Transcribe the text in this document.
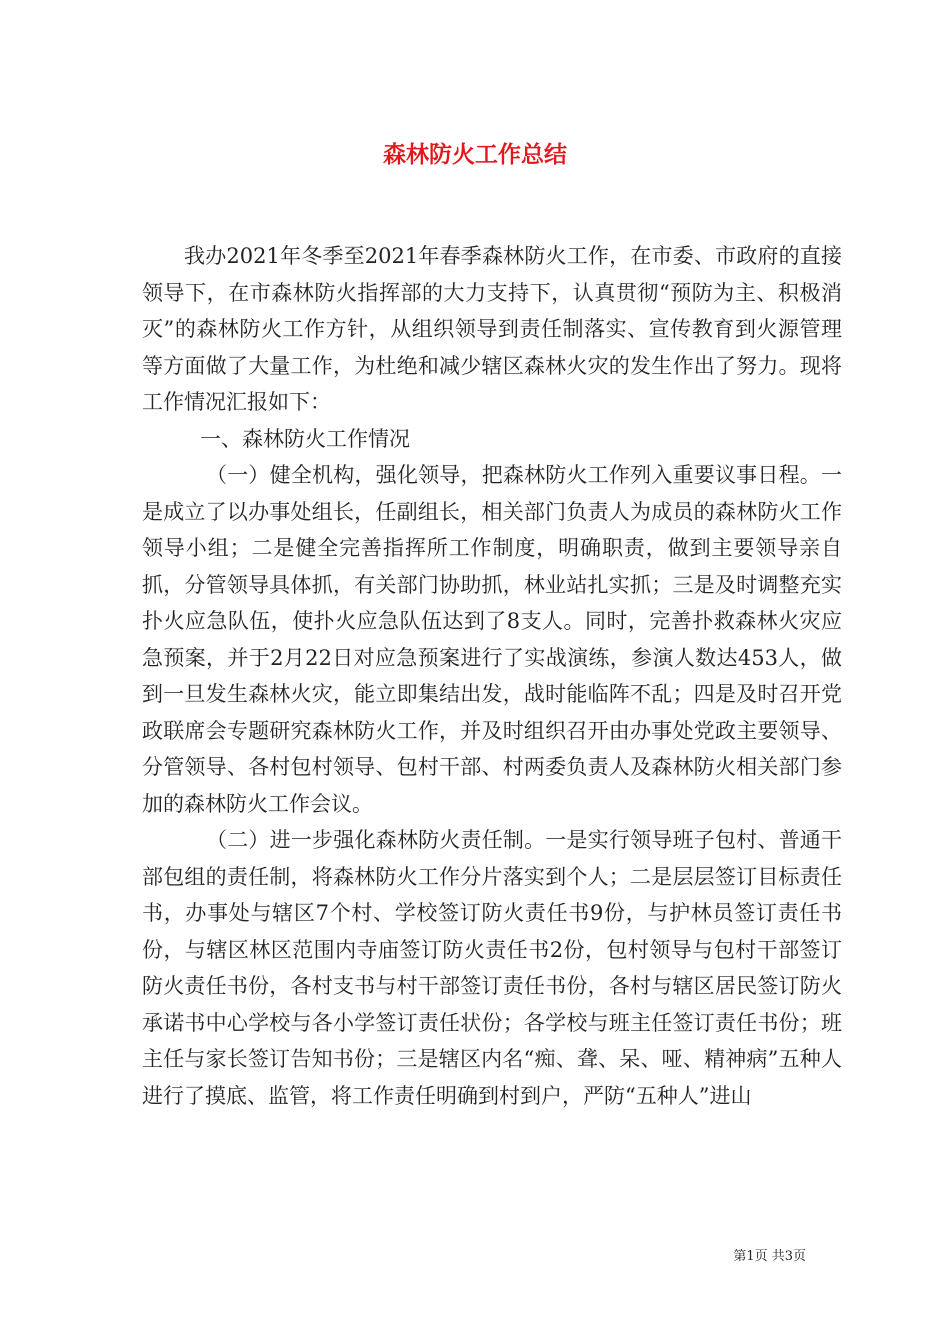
森林防火工作总结

我办2021年冬季至2021年春季森林防火工作，在市委、市政府的直接领导下，在市森林防火指挥部的大力支持下，认真贯彻“预防为主、积极消灭”的森林防火工作方针，从组织领导到责任制落实、宣传教育到火源管理等方面做了大量工作，为杜绝和减少辖区森林火灾的发生作出了努力。现将工作情况汇报如下：

一、森林防火工作情况

（一）健全机构，强化领导，把森林防火工作列入重要议事日程。一是成立了以办事处组长，任副组长，相关部门负责人为成员的森林防火工作领导小组；二是健全完善指挥所工作制度，明确职责，做到主要领导亲自抓，分管领导具体抓，有关部门协助抓，林业站扎实抓；三是及时调整充实扑火应急队伍，使扑火应急队伍达到了8支人。同时，完善扑救森林火灾应急预案，并于2月22日对应急预案进行了实战演练，参演人数达453人，做到一旦发生森林火灾，能立即集结出发，战时能临阵不乱；四是及时召开党政联席会专题研究森林防火工作，并及时组织召开由办事处党政主要领导、分管领导、各村包村领导、包村干部、村两委负责人及森林防火相关部门参加的森林防火工作会议。

（二）进一步强化森林防火责任制。一是实行领导班子包村、普通干部包组的责任制，将森林防火工作分片落实到个人；二是层层签订目标责任书，办事处与辖区7个村、学校签订防火责任书9份，与护林员签订责任书份，与辖区林区范围内寺庙签订防火责任书2份，包村领导与包村干部签订防火责任书份，各村支书与村干部签订责任书份，各村与辖区居民签订防火承诺书中心学校与各小学签订责任状份；各学校与班主任签订责任书份；班主任与家长签订告知书份；三是辖区内名“痴、聋、呆、哑、精神病”五种人进行了摸底、监管，将工作责任明确到村到户，严防“五种人”进山

第1页 共3页
